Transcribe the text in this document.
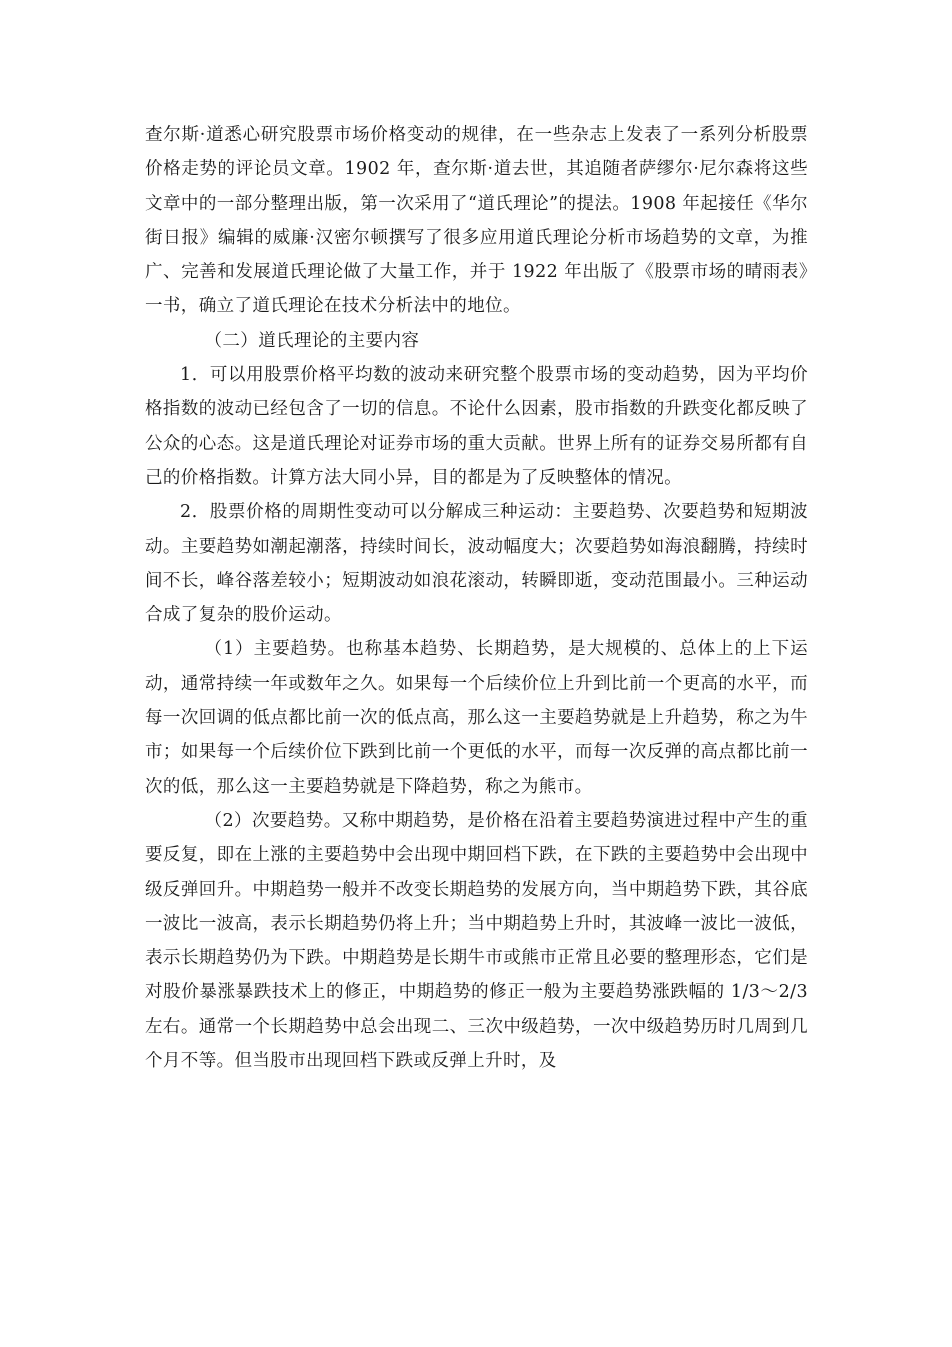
查尔斯·道悉心研究股票市场价格变动的规律，在一些杂志上发表了一系列分析股票价格走势的评论员文章。1902 年，查尔斯·道去世，其追随者萨缪尔·尼尔森将这些文章中的一部分整理出版，第一次采用了“道氏理论”的提法。1908 年起接任《华尔街日报》编辑的威廉·汉密尔顿撰写了很多应用道氏理论分析市场趋势的文章，为推广、完善和发展道氏理论做了大量工作，并于 1922 年出版了《股票市场的晴雨表》一书，确立了道氏理论在技术分析法中的地位。

（二）道氏理论的主要内容

1．可以用股票价格平均数的波动来研究整个股票市场的变动趋势，因为平均价格指数的波动已经包含了一切的信息。不论什么因素，股市指数的升跌变化都反映了公众的心态。这是道氏理论对证券市场的重大贡献。世界上所有的证券交易所都有自己的价格指数。计算方法大同小异，目的都是为了反映整体的情况。

2．股票价格的周期性变动可以分解成三种运动：主要趋势、次要趋势和短期波动。主要趋势如潮起潮落，持续时间长，波动幅度大；次要趋势如海浪翻腾，持续时间不长，峰谷落差较小；短期波动如浪花滚动，转瞬即逝，变动范围最小。三种运动合成了复杂的股价运动。

（1）主要趋势。也称基本趋势、长期趋势，是大规模的、总体上的上下运动，通常持续一年或数年之久。如果每一个后续价位上升到比前一个更高的水平，而每一次回调的低点都比前一次的低点高，那么这一主要趋势就是上升趋势，称之为牛市；如果每一个后续价位下跌到比前一个更低的水平，而每一次反弹的高点都比前一次的低，那么这一主要趋势就是下降趋势，称之为熊市。

（2）次要趋势。又称中期趋势，是价格在沿着主要趋势演进过程中产生的重要反复，即在上涨的主要趋势中会出现中期回档下跌，在下跌的主要趋势中会出现中级反弹回升。中期趋势一般并不改变长期趋势的发展方向，当中期趋势下跌，其谷底一波比一波高，表示长期趋势仍将上升；当中期趋势上升时，其波峰一波比一波低，表示长期趋势仍为下跌。中期趋势是长期牛市或熊市正常且必要的整理形态，它们是对股价暴涨暴跌技术上的修正，中期趋势的修正一般为主要趋势涨跌幅的 1/3～2/3 左右。通常一个长期趋势中总会出现二、三次中级趋势，一次中级趋势历时几周到几个月不等。但当股市出现回档下跌或反弹上升时，及
